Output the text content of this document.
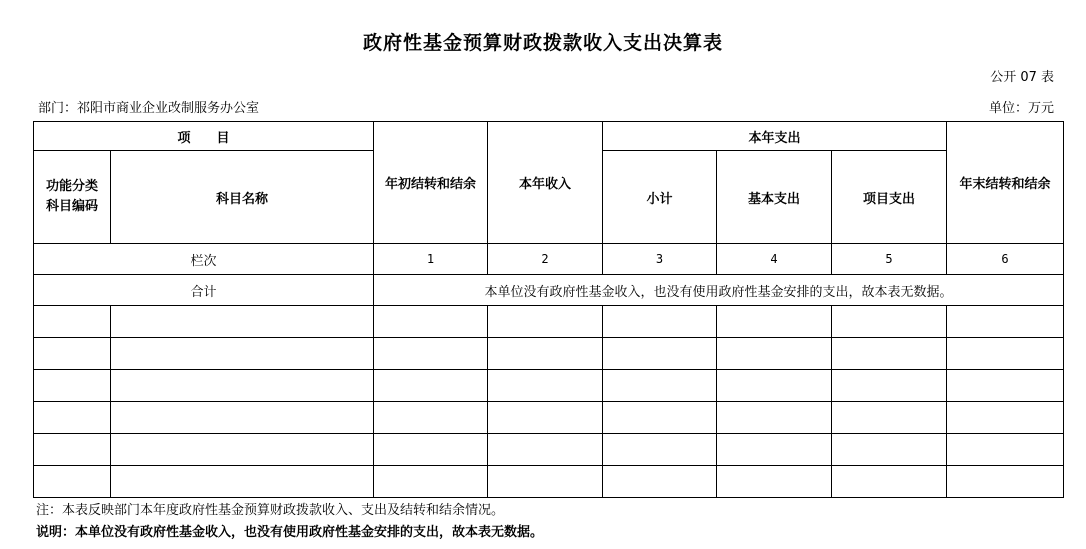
政府性基金预算财政拨款收入支出决算表
公开 07 表
部门：祁阳市商业企业改制服务办公室	单位：万元
项　　目		年初结转和结余	本年收入	本年支出			年末结转和结余
功能分类
科目编码	科目名称			小计	基本支出	项目支出	
栏次		1	2	3	4	5	6
合计		本单位没有政府性基金收入，也没有使用政府性基金安排的支出，故本表无数据。					

注：本表反映部门本年度政府性基金预算财政拨款收入、支出及结转和结余情况。
说明：本单位没有政府性基金收入，也没有使用政府性基金安排的支出，故本表无数据。
